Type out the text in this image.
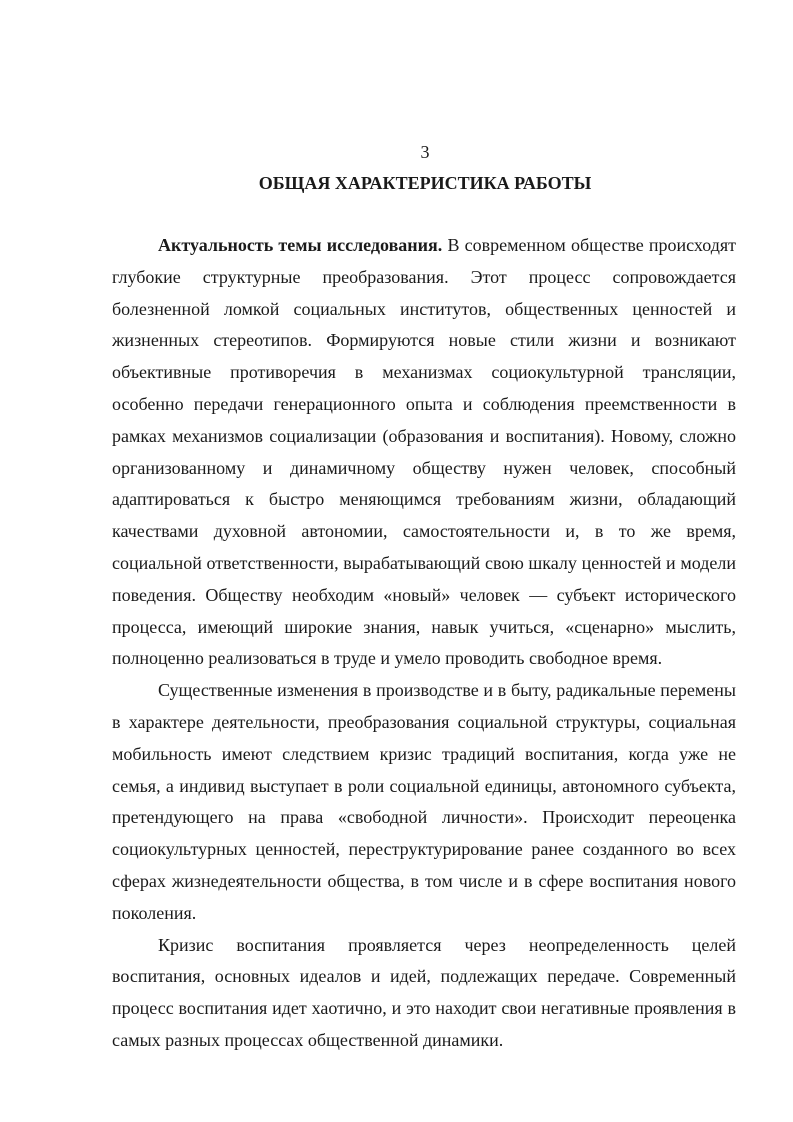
3
ОБЩАЯ ХАРАКТЕРИСТИКА РАБОТЫ

Актуальность темы исследования. В современном обществе происходят глубокие структурные преобразования. Этот процесс сопровождается болезненной ломкой социальных институтов, общественных ценностей и жизненных стереотипов. Формируются новые стили жизни и возникают объективные противоречия в механизмах социокультурной трансляции, особенно передачи генерационного опыта и соблюдения преемственности в рамках механизмов социализации (образования и воспитания). Новому, сложно организованному и динамичному обществу нужен человек, способный адаптироваться к быстро меняющимся требованиям жизни, обладающий качествами духовной автономии, самостоятельности и, в то же время, социальной ответственности, вырабатывающий свою шкалу ценностей и модели поведения. Обществу необходим «новый» человек — субъект исторического процесса, имеющий широкие знания, навык учиться, «сценарно» мыслить, полноценно реализоваться в труде и умело проводить свободное время.

Существенные изменения в производстве и в быту, радикальные перемены в характере деятельности, преобразования социальной структуры, социальная мобильность имеют следствием кризис традиций воспитания, когда уже не семья, а индивид выступает в роли социальной единицы, автономного субъекта, претендующего на права «свободной личности». Происходит переоценка социокультурных ценностей, переструктурирование ранее созданного во всех сферах жизнедеятельности общества, в том числе и в сфере воспитания нового поколения.

Кризис воспитания проявляется через неопределенность целей воспитания, основных идеалов и идей, подлежащих передаче. Современный процесс воспитания идет хаотично, и это находит свои негативные проявления в самых разных процессах общественной динамики.
